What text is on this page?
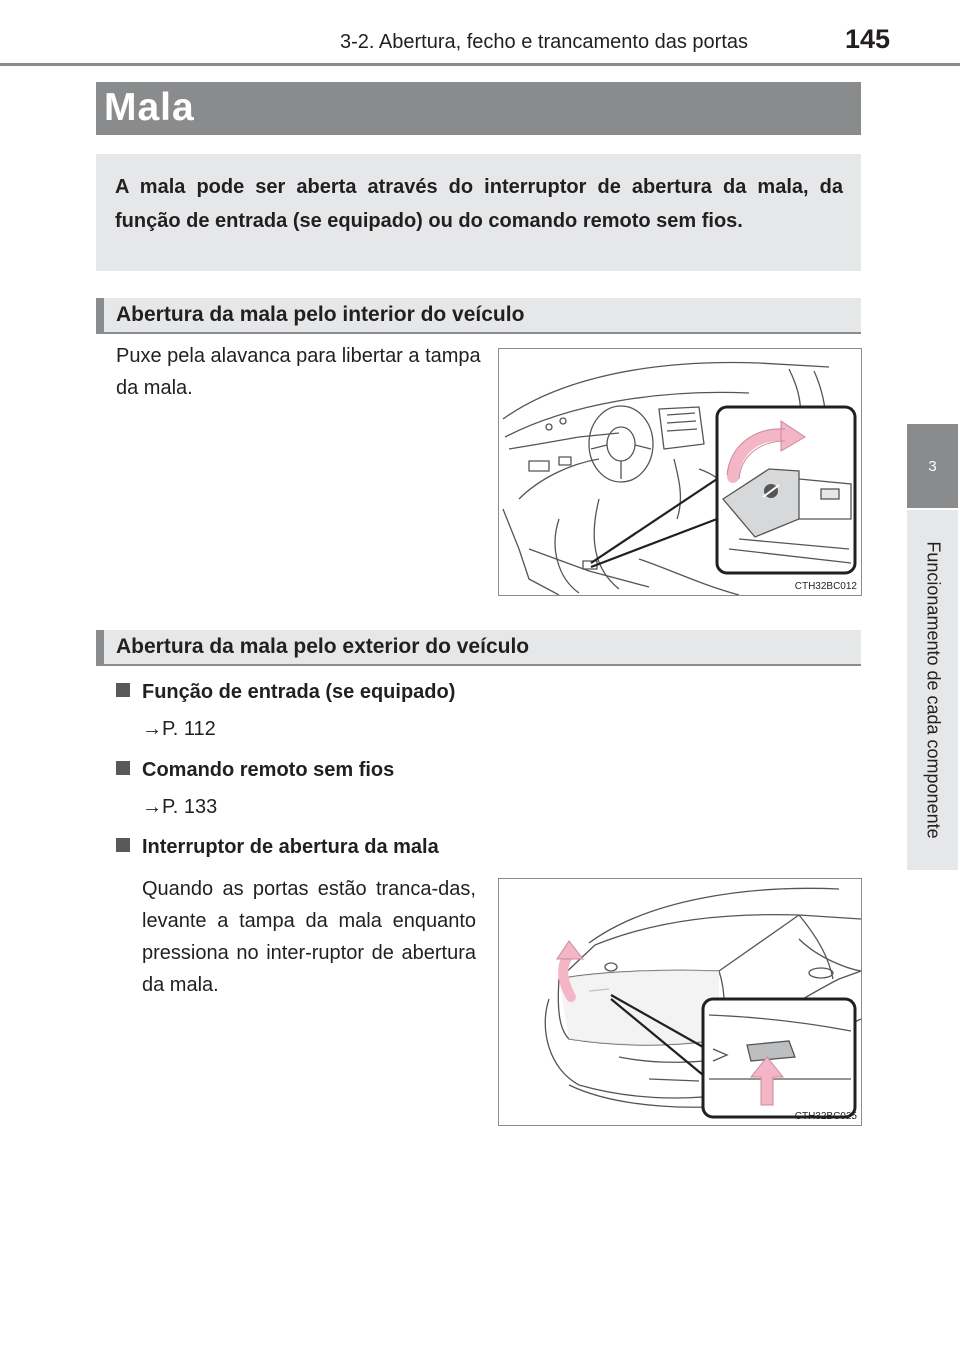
3-2. Abertura, fecho e trancamento das portas	145
3
Funcionamento de cada componente
Mala
A mala pode ser aberta através do interruptor de abertura da mala, da função de entrada (se equipado) ou do comando remoto sem fios.
Abertura da mala pelo interior do veículo
Puxe pela alavanca para libertar a tampa da mala.
CTH32BC012
Abertura da mala pelo exterior do veículo
Função de entrada (se equipado)
→P. 112
Comando remoto sem fios
→P. 133
Interruptor de abertura da mala
Quando as portas estão tranca-das, levante a tampa da mala enquanto pressiona no inter-ruptor de abertura da mala.
CTH32BC025
